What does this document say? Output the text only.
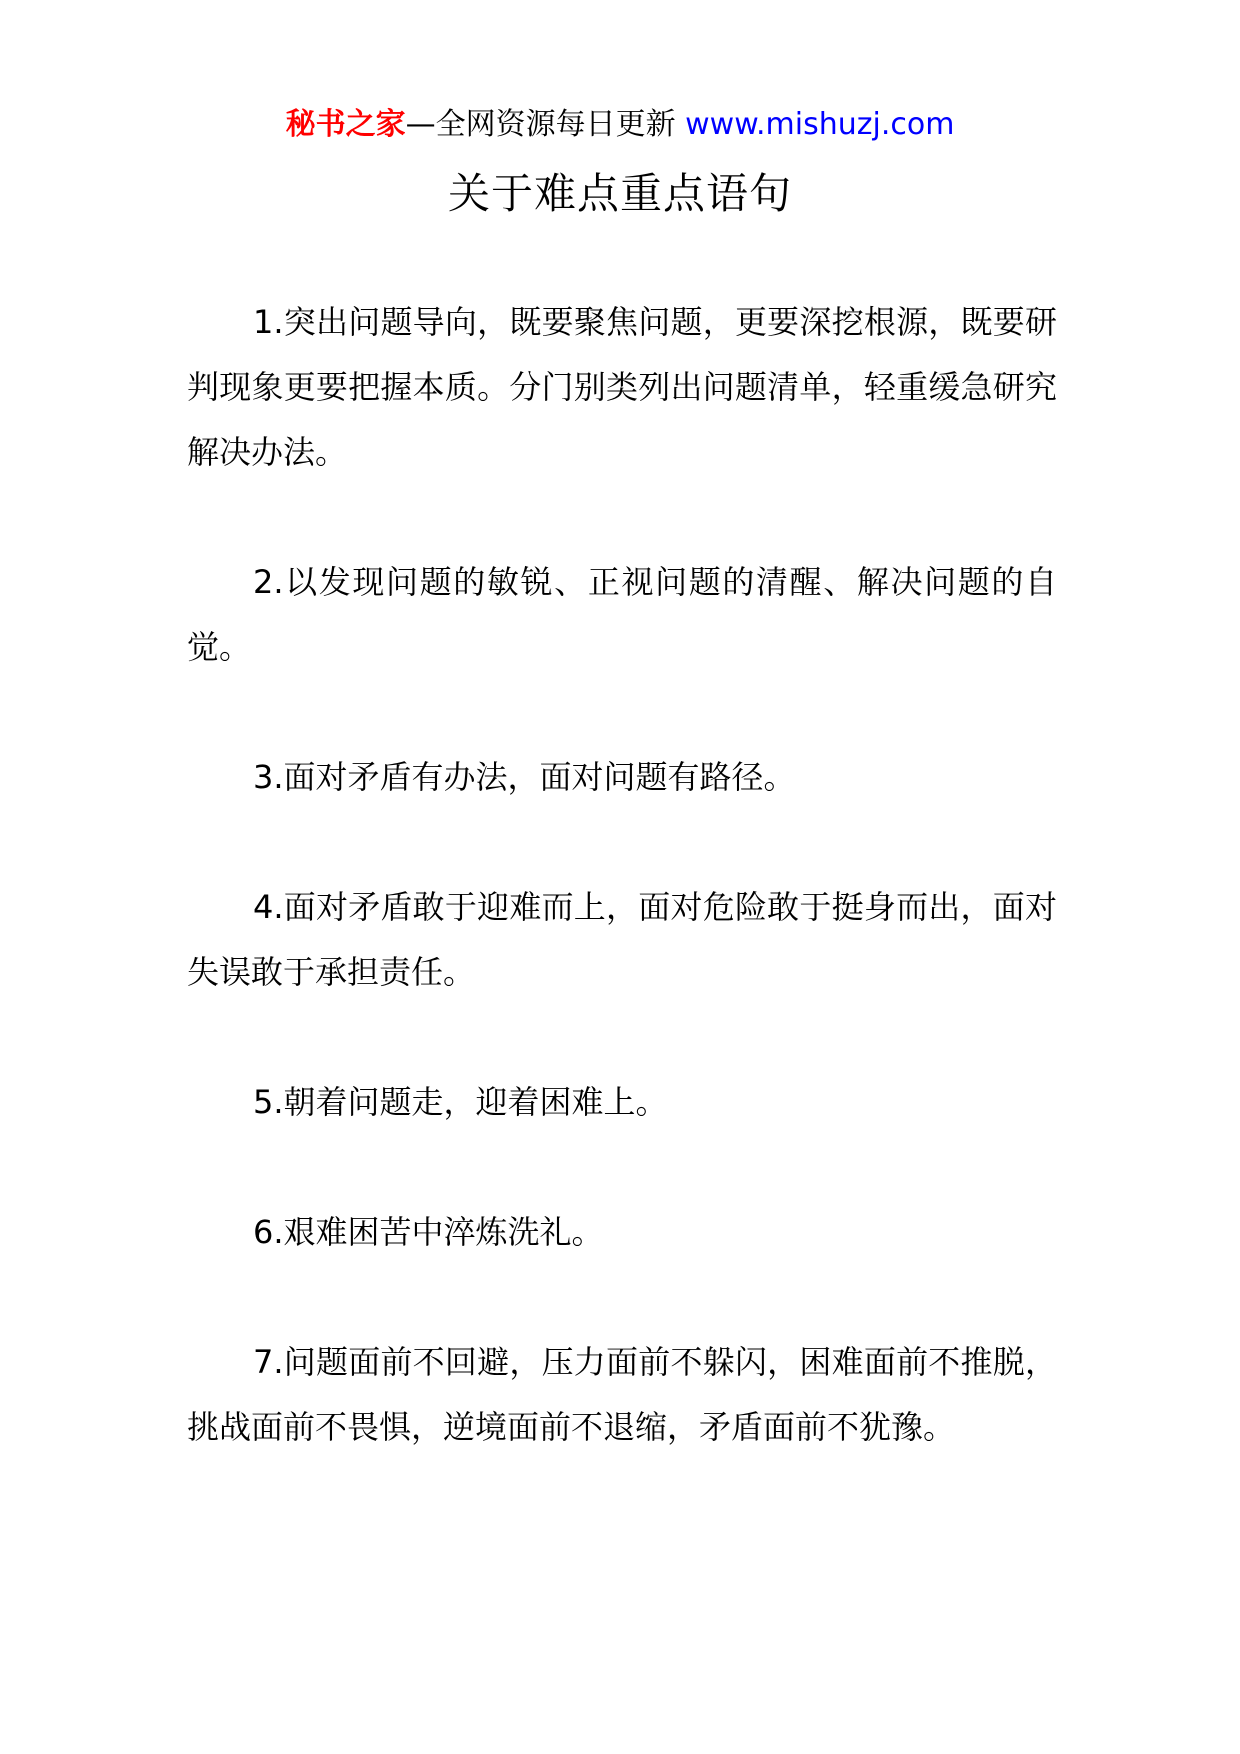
秘书之家—全网资源每日更新 www.mishuzj.com
关于难点重点语句

1.突出问题导向，既要聚焦问题，更要深挖根源，既要研判现象更要把握本质。分门别类列出问题清单，轻重缓急研究解决办法。

2.以发现问题的敏锐、正视问题的清醒、解决问题的自觉。

3.面对矛盾有办法，面对问题有路径。

4.面对矛盾敢于迎难而上，面对危险敢于挺身而出，面对失误敢于承担责任。

5.朝着问题走，迎着困难上。

6.艰难困苦中淬炼洗礼。

7.问题面前不回避，压力面前不躲闪，困难面前不推脱，挑战面前不畏惧，逆境面前不退缩，矛盾面前不犹豫。
